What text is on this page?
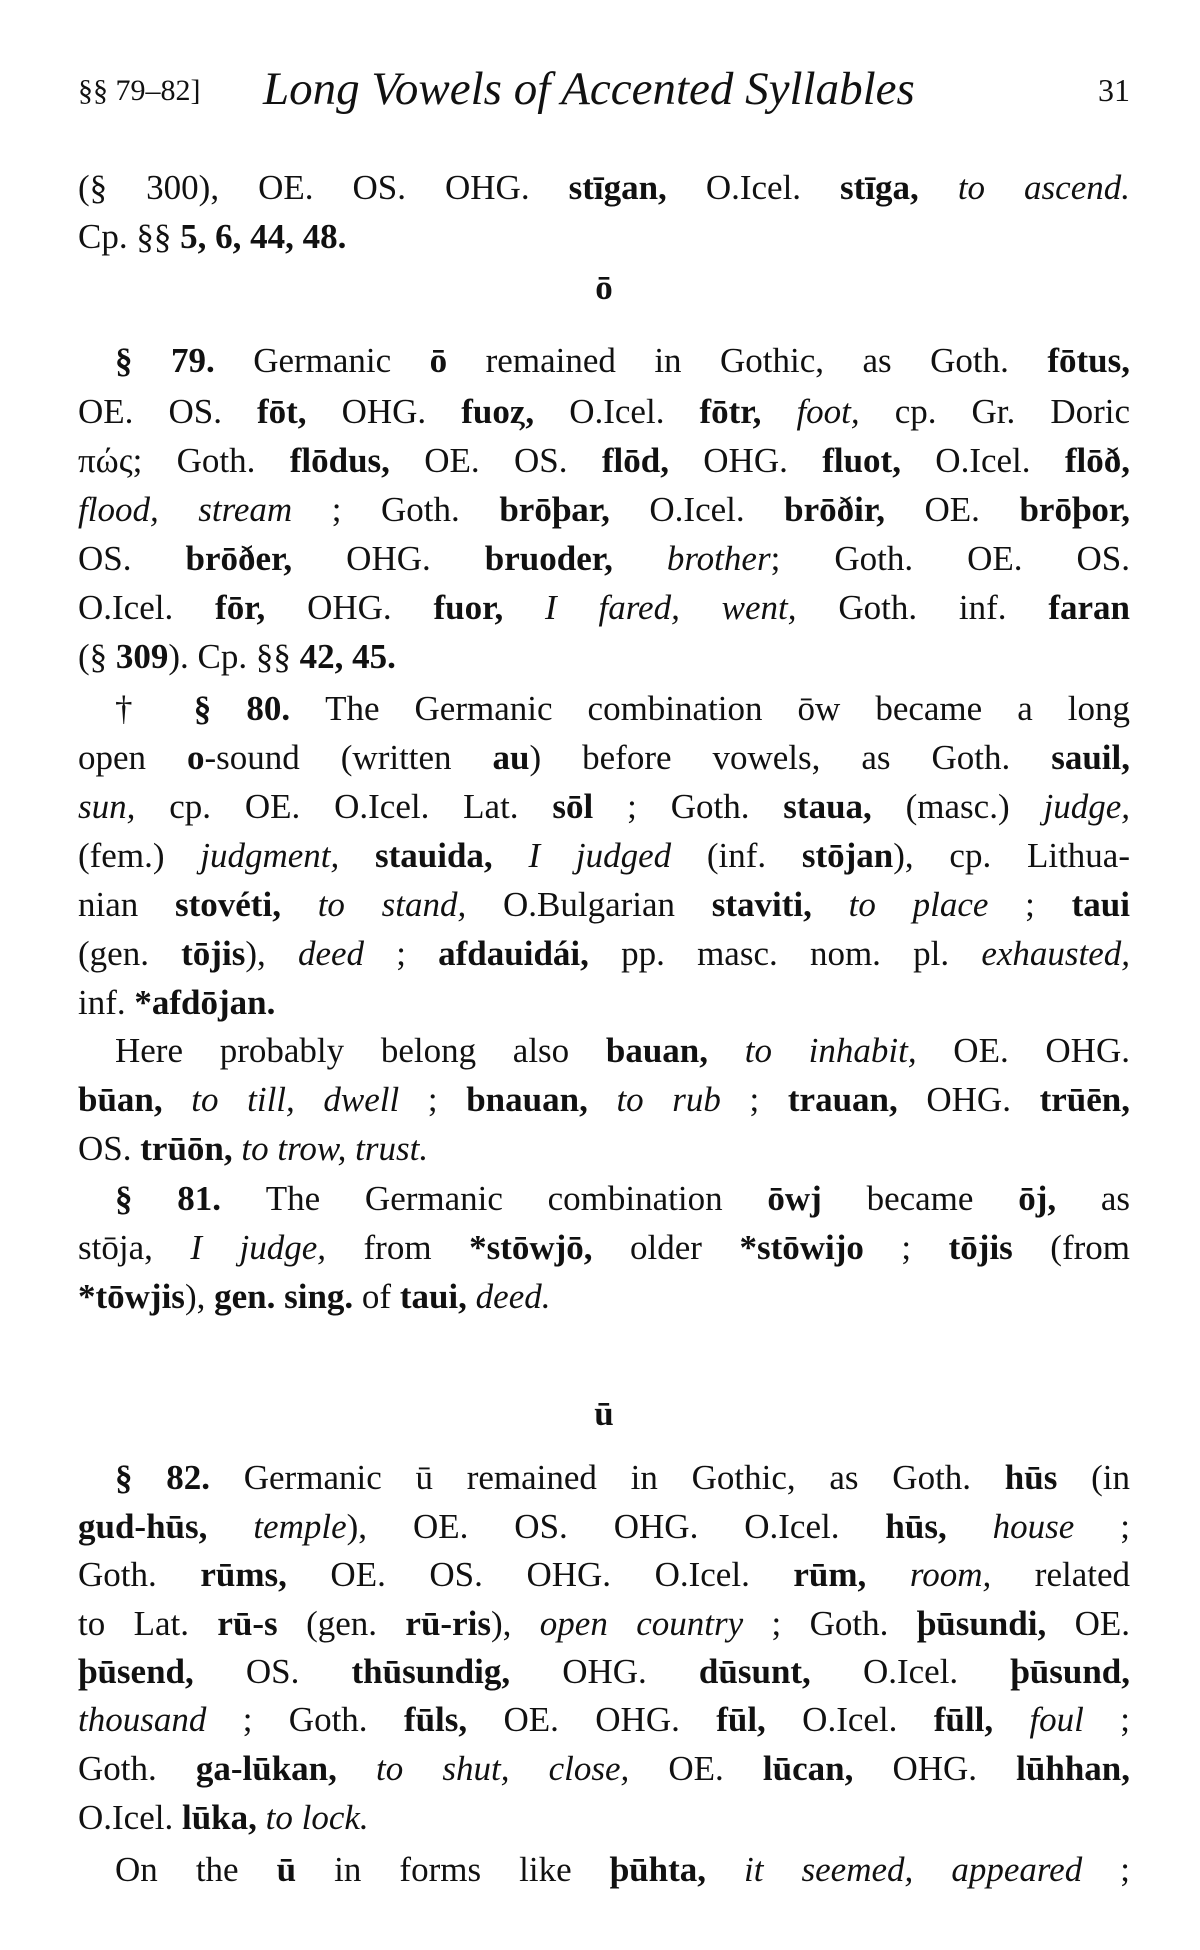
§§ 79–82] Long Vowels of Accented Syllables	31
(§ 300), OE. OS. OHG. stīgan, O.Icel. stīga, to ascend.
Cp. §§ 5, 6, 44, 48.
ō
§ 79. Germanic ō remained in Gothic, as Goth. fōtus,
OE. OS. fōt, OHG. fuoȥ, O.Icel. fōtr, foot, cp. Gr. Doric
πώς; Goth. flōdus, OE. OS. flōd, OHG. fluot, O.Icel. flōð,
flood, stream ; Goth. brōþar, O.Icel. brōðir, OE. brōþor,
OS. brōðer, OHG. bruoder, brother; Goth. OE. OS.
O.Icel. fōr, OHG. fuor, I fared, went, Goth. inf. faran
(§ 309). Cp. §§ 42, 45.
† § 80. The Germanic combination ōw became a long
open o-sound (written au) before vowels, as Goth. sauil,
sun, cp. OE. O.Icel. Lat. sōl ; Goth. staua, (masc.) judge,
(fem.) judgment, stauida, I judged (inf. stōjan), cp. Lithua-
nian stovéti, to stand, O.Bulgarian staviti, to place ; taui
(gen. tōjis), deed ; afdauidái, pp. masc. nom. pl. exhausted,
inf. *afdōjan.
Here probably belong also bauan, to inhabit, OE. OHG.
būan, to till, dwell ; bnauan, to rub ; trauan, OHG. trūēn,
OS. trūōn, to trow, trust.
§ 81. The Germanic combination ōwj became ōj, as
stōja, I judge, from *stōwjō, older *stōwijo ; tōjis (from
*tōwjis), gen. sing. of taui, deed.
ū
§ 82. Germanic ū remained in Gothic, as Goth. hūs (in
gud-hūs, temple), OE. OS. OHG. O.Icel. hūs, house ;
Goth. rūms, OE. OS. OHG. O.Icel. rūm, room, related
to Lat. rū-s (gen. rū-ris), open country ; Goth. þūsundi, OE.
þūsend, OS. thūsundig, OHG. dūsunt, O.Icel. þūsund,
thousand ; Goth. fūls, OE. OHG. fūl, O.Icel. fūll, foul ;
Goth. ga-lūkan, to shut, close, OE. lūcan, OHG. lūhhan,
O.Icel. lūka, to lock.
On the ū in forms like þūhta, it seemed, appeared ;
